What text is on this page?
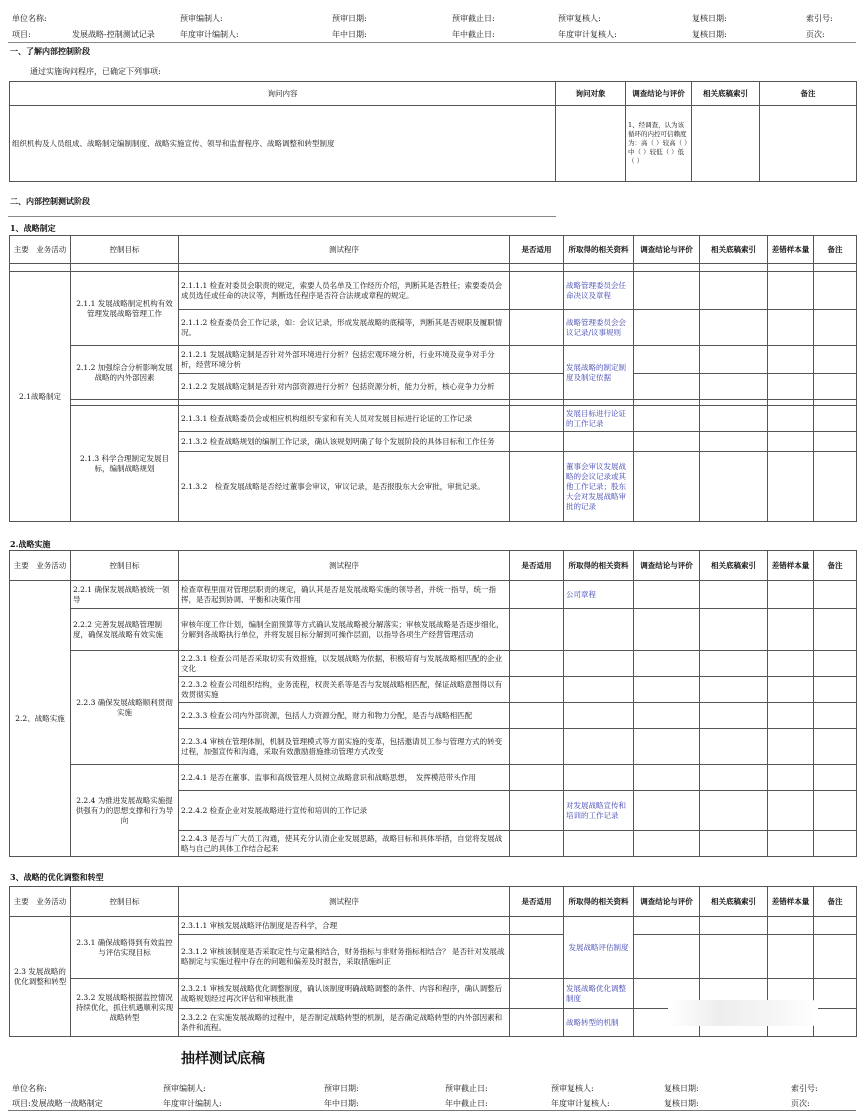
单位名称:	预审编制人:	预审日期:	预审截止日:	预审复核人:	复核日期:	索引号:
项目:	发展战略-控制测试记录	年度审计编制人:	年中日期:	年中截止日:	年度审计复核人:	复核日期:	页次:
一、了解内部控制阶段
通过实施询问程序，已确定下列事项:
询问内容	询问对象	调查结论与评价	相关底稿索引	备注
组织机构及人员组成、战略制定编制制度、战略实施宣传、领导和监督程序、战略调整和转型制度		1、经调查，认为该循环的内控可信赖度为：高（ ）较高（ ）中（ ）较低（ ）低（ ）		
二、内部控制测试阶段
1、战略制定
主要　业务活动	控制目标	测试程序	是否适用	所取得的相关资料	调查结论与评价	相关底稿索引	差错样本量	备注

2.1战略制定	2.1.1 发展战略制定机构有效管理发展战略管理工作	2.1.1.1 检查对委员会职责的规定，索要人员名单及工作经历介绍，判断其是否胜任；索要委员会成员选任或任命的决议等，判断选任程序是否符合法规或章程的规定。		战略管理委员会任命决议及章程				
		2.1.1.2 检查委员会工作记录，如：会议记录，形成发展战略的底稿等，判断其是否规职及履职情况。		战略管理委员会会议记录/议事规则				
	2.1.2 加强综合分析影响发展战略的内外部因素	2.1.2.1 发展战略定制是否针对外部环境进行分析？包括宏观环境分析，行业环境及竞争对手分析，经营环境分析		发展战略的制定制度及制定依据				
		2.1.2.2 发展战略定制是否针对内部资源进行分析？包括资源分析，能力分析，核心竞争力分析						

	2.1.3 科学合理制定发展目标，编制战略规划	2.1.3.1 检查战略委员会或相应机构组织专家和有关人员对发展目标进行论证的工作记录		发展目标进行论证的工作记录				
		2.1.3.2 检查战略规划的编制工作记录，确认该规划明确了每个发展阶段的具体目标和工作任务						
		2.1.3.2　检查发展战略是否经过董事会审议，审议记录，是否报股东大会审批，审批记录。		董事会审议发展战略的会议记录或其他工作记录；股东大会对发展战略审批的记录				
2.战略实施
主要　业务活动	控制目标	测试程序	是否适用	所取得的相关资料	调查结论与评价	相关底稿索引	差错样本量	备注
2.2、战略实施	2.2.1 确保发展战略被统一领导	检查章程里面对管理层职责的规定，确认其是否是发展战略实施的领导者，并统一指导，统一指挥，是否起到协调、平衡和决策作用		公司章程				
	2.2.2 完善发展战略管理制度，确保发展战略有效实施	审核年度工作计划，编制全面预算等方式确认发展战略被分解落实；审核发展战略是否逐步细化，分解到各战略执行单位，并将发展目标分解到可操作层面，以指导各项生产经营管理活动						
	2.2.3 确保发展战略顺利贯彻实施	2.2.3.1 检查公司是否采取切实有效措施，以发展战略为依据，积极培育与发展战略相匹配的企业文化						
		2.2.3.2 检查公司组织结构，业务流程，权责关系等是否与发展战略相匹配，保证战略意图得以有效贯彻实施						
		2.2.3.3 检查公司内外部资源，包括人力资源分配，财力和物力分配，是否与战略相匹配						
		2.2.3.4 审核在管理体制，机制及管理模式等方面实施的变革，包括邀请员工参与管理方式的转变过程，加强宣传和沟通，采取有效激励措施推动管理方式改变						
	2.2.4 为推进发展战略实施提供强有力的思想支撑和行为导向	2.2.4.1 是否在董事、监事和高级管理人员树立战略意识和战略思想，　发挥模范带头作用						
		2.2.4.2 检查企业对发展战略进行宣传和培训的工作记录		对发展战略宣传和培训的工作记录				
		2.2.4.3 是否与广大员工沟通，使其充分认清企业发展思路，战略目标和具体举措，自觉将发展战略与自己的具体工作结合起来						
3、战略的优化调整和转型
主要　业务活动	控制目标	测试程序	是否适用	所取得的相关资料	调查结论与评价	相关底稿索引	差错样本量	备注
2.3 发展战略的优化调整和转型	2.3.1 确保战略得到有效监控与评估实现目标	2.3.1.1 审核发展战略评估制度是否科学，合理		发展战略评估制度				
		2.3.1.2 审核该制度是否采取定性与定量相结合，财务指标与非财务指标相结合？ 是否针对发展战略制定与实施过程中存在的问题和偏差及时报告，采取措施纠正						
	2.3.2 发展战略根据监控情况持续优化，抓住机遇顺利实现战略转型	2.3.2.1 审核发展战略优化调整制度，确认该制度明确战略调整的条件、内容和程序，确认调整后战略规划经过再次评估和审核批准		发展战略优化调整制度				
		2.3.2.2 在实施发展战略的过程中，是否制定战略转型的机制，是否确定战略转型的内外部因素和条件和流程。		战略转型的机制				
抽样测试底稿
单位名称:	预审编制人:	预审日期:	预审截止日:	预审复核人:	复核日期:	索引号:
项目:发展战略一战略制定	年度审计编制人:	年中日期:	年中截止日:	年度审计复核人:	复核日期:	页次:
